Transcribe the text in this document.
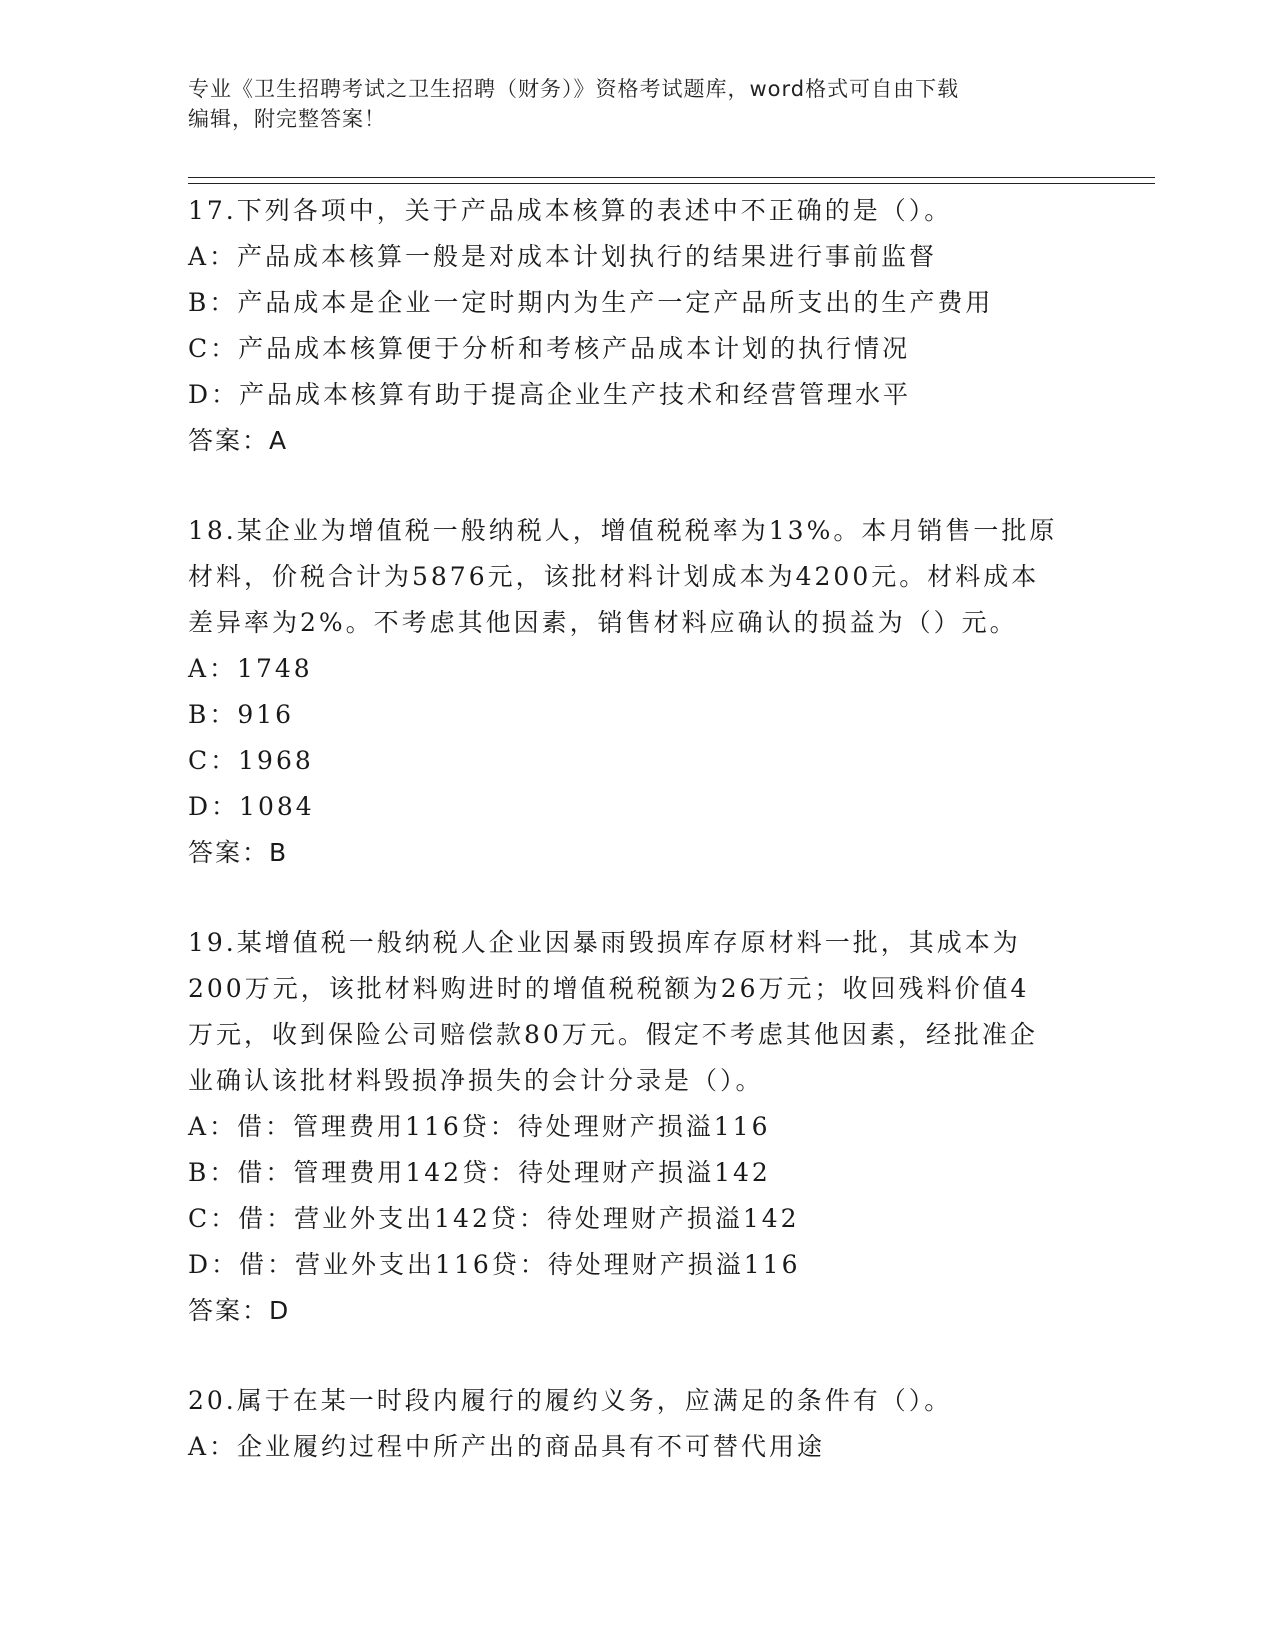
专业《卫生招聘考试之卫生招聘（财务）》资格考试题库，word格式可自由下载
编辑，附完整答案！
17.下列各项中，关于产品成本核算的表述中不正确的是（）。
A：产品成本核算一般是对成本计划执行的结果进行事前监督
B：产品成本是企业一定时期内为生产一定产品所支出的生产费用
C：产品成本核算便于分析和考核产品成本计划的执行情况
D：产品成本核算有助于提高企业生产技术和经营管理水平
答案：A
18.某企业为增值税一般纳税人，增值税税率为13%。本月销售一批原
材料，价税合计为5876元，该批材料计划成本为4200元。材料成本
差异率为2%。不考虑其他因素，销售材料应确认的损益为（）元。
A：1748
B：916
C：1968
D：1084
答案：B
19.某增值税一般纳税人企业因暴雨毁损库存原材料一批，其成本为
200万元，该批材料购进时的增值税税额为26万元；收回残料价值4
万元，收到保险公司赔偿款80万元。假定不考虑其他因素，经批准企
业确认该批材料毁损净损失的会计分录是（）。
A：借：管理费用116贷：待处理财产损溢116
B：借：管理费用142贷：待处理财产损溢142
C：借：营业外支出142贷：待处理财产损溢142
D：借：营业外支出116贷：待处理财产损溢116
答案：D
20.属于在某一时段内履行的履约义务，应满足的条件有（）。
A：企业履约过程中所产出的商品具有不可替代用途
